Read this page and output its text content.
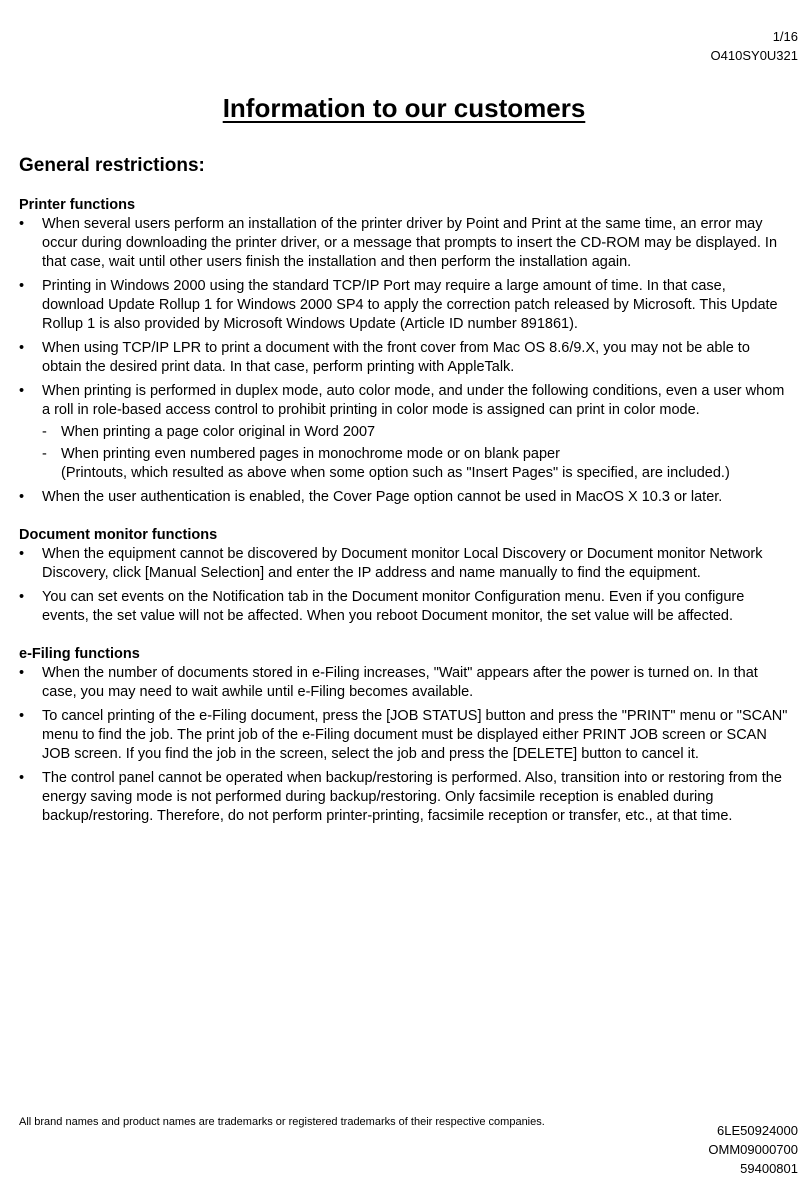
1/16
O410SY0U321
Information to our customers
General restrictions:

Printer functions

• When several users perform an installation of the printer driver by Point and Print at the same time, an error may occur during downloading the printer driver, or a message that prompts to insert the CD-ROM may be displayed. In that case, wait until other users finish the installation and then perform the installation again.
• Printing in Windows 2000 using the standard TCP/IP Port may require a large amount of time. In that case, download Update Rollup 1 for Windows 2000 SP4 to apply the correction patch released by Microsoft. This Update Rollup 1 is also provided by Microsoft Windows Update (Article ID number 891861).
• When using TCP/IP LPR to print a document with the front cover from Mac OS 8.6/9.X, you may not be able to obtain the desired print data. In that case, perform printing with AppleTalk.
• When printing is performed in duplex mode, auto color mode, and under the following conditions, even a user whom a roll in role-based access control to prohibit printing in color mode is assigned can print in color mode.
- When printing a page color original in Word 2007
- When printing even numbered pages in monochrome mode or on blank paper
(Printouts, which resulted as above when some option such as "Insert Pages" is specified, are included.)
• When the user authentication is enabled, the Cover Page option cannot be used in MacOS X 10.3 or later.

Document monitor functions

• When the equipment cannot be discovered by Document monitor Local Discovery or Document monitor Network Discovery, click [Manual Selection] and enter the IP address and name manually to find the equipment.
• You can set events on the Notification tab in the Document monitor Configuration menu. Even if you configure events, the set value will not be affected. When you reboot Document monitor, the set value will be affected.

e-Filing functions

• When the number of documents stored in e-Filing increases, "Wait" appears after the power is turned on. In that case, you may need to wait awhile until e-Filing becomes available.
• To cancel printing of the e-Filing document, press the [JOB STATUS] button and press the "PRINT" menu or "SCAN" menu to find the job. The print job of the e-Filing document must be displayed either PRINT JOB screen or SCAN JOB screen. If you find the job in the screen, select the job and press the [DELETE] button to cancel it.
• The control panel cannot be operated when backup/restoring is performed. Also, transition into or restoring from the energy saving mode is not performed during backup/restoring. Only facsimile reception is enabled during backup/restoring. Therefore, do not perform printer-printing, facsimile reception or transfer, etc., at that time.
All brand names and product names are trademarks or registered trademarks of their respective companies.
6LE50924000
OMM09000700
59400801
